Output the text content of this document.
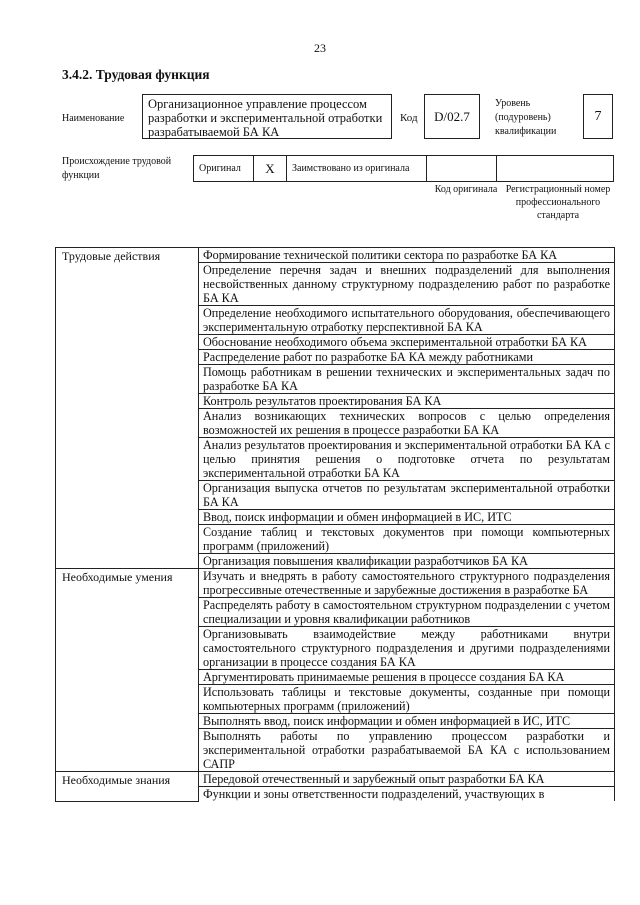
23
3.4.2. Трудовая функция
Наименование
Организационное управление процессом разработки и экспериментальной отработки разрабатываемой БА КА
Код	D/02.7
Уровень
(подуровень)
квалификации
7
Происхождение трудовой функции
Оригинал	X	Заимствовано из оригинала		
Код оригинала Регистрационный номер профессионального стандарта
Трудовые действия	Формирование технической политики сектора по разработке БА КА
	Определение перечня задач и внешних подразделений для выполнения несвойственных данному структурному подразделению работ по разработке БА КА
	Определение необходимого испытательного оборудования, обеспечивающего экспериментальную отработку перспективной БА КА
	Обоснование необходимого объема экспериментальной отработки БА КА
	Распределение работ по разработке БА КА между работниками
	Помощь работникам в решении технических и экспериментальных задач по разработке БА КА
	Контроль результатов проектирования БА КА
	Анализ возникающих технических вопросов с целью определения возможностей их решения в процессе разработки БА КА
	Анализ результатов проектирования и экспериментальной отработки БА КА с целью принятия решения о подготовке отчета по результатам экспериментальной отработки БА КА
	Организация выпуска отчетов по результатам экспериментальной отработки БА КА
	Ввод, поиск информации и обмен информацией в ИС, ИТС
	Создание таблиц и текстовых документов при помощи компьютерных программ (приложений)
	Организация повышения квалификации разработчиков БА КА
Необходимые умения	Изучать и внедрять в работу самостоятельного структурного подразделения прогрессивные отечественные и зарубежные достижения в разработке БА
	Распределять работу в самостоятельном структурном подразделении с учетом специализации и уровня квалификации работников
	Организовывать взаимодействие между работниками внутри самостоятельного структурного подразделения и другими подразделениями организации в процессе создания БА КА
	Аргументировать принимаемые решения в процессе создания БА КА
	Использовать таблицы и текстовые документы, созданные при помощи компьютерных программ (приложений)
	Выполнять ввод, поиск информации и обмен информацией в ИС, ИТС
	Выполнять работы по управлению процессом разработки и экспериментальной отработки разрабатываемой БА КА с использованием САПР
Необходимые знания	Передовой отечественный и зарубежный опыт разработки БА КА
	Функции и зоны ответственности подразделений, участвующих в
